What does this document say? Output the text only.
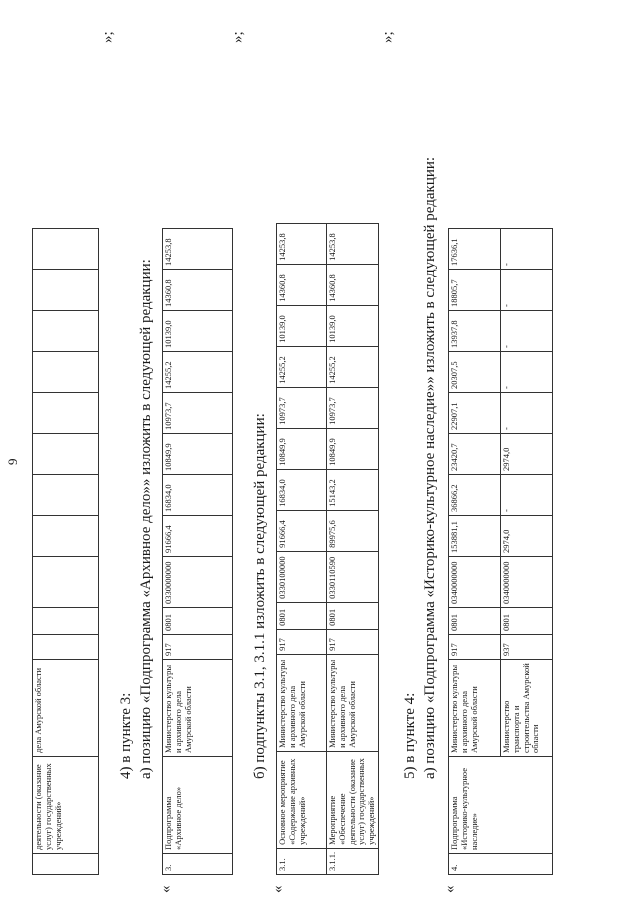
9
	деятельности (оказание услуг) государственных учреждений»	дела Амурской области											
»;
4) в пункте 3: а) позицию «Подпрограмма «Архивное дело»» изложить в следующей редакции:
«
3.	Подпрограмма «Архивное дело»	Министерство культуры и архивного дела Амурской области	917	0801	0330000000	91666,4	16834,0	10849,9	10973,7	14255,2	10139,0	14360,8	14253,8
»;
б) подпункты 3.1, 3.1.1 изложить в следующей редакции:
«
3.1.	Основное мероприятие «Содержание архивных учреждений»	Министерство культуры и архивного дела Амурской области	917	0801	0330100000	91666,4	16834,0	10849,9	10973,7	14255,2	10139,0	14360,8	14253,8
3.1.1.	Мероприятие «Обеспечение деятельности (оказание услуг) государственных учреждений»	Министерство культуры и архивного дела Амурской области	917	0801	0330110590	89975,6	15143,2	10849,9	10973,7	14255,2	10139,0	14360,8	14253,8
»;
5) в пункте 4: а) позицию «Подпрограмма «Историко-культурное наследие»» изложить в следующей редакции:
«
4.	Подпрограмма «Историко-культурное наследие»	Министерство культуры и архивного дела Амурской области	917	0801	0340000000	153881,1	36866,2	23420,7	22907,1	20307,5	13937,8	18805,7	17636,1
		Министерство транспорта и строительства Амурской области	937	0801	0340000000	2974,0	-	2974,0	-	-	-	-	-
